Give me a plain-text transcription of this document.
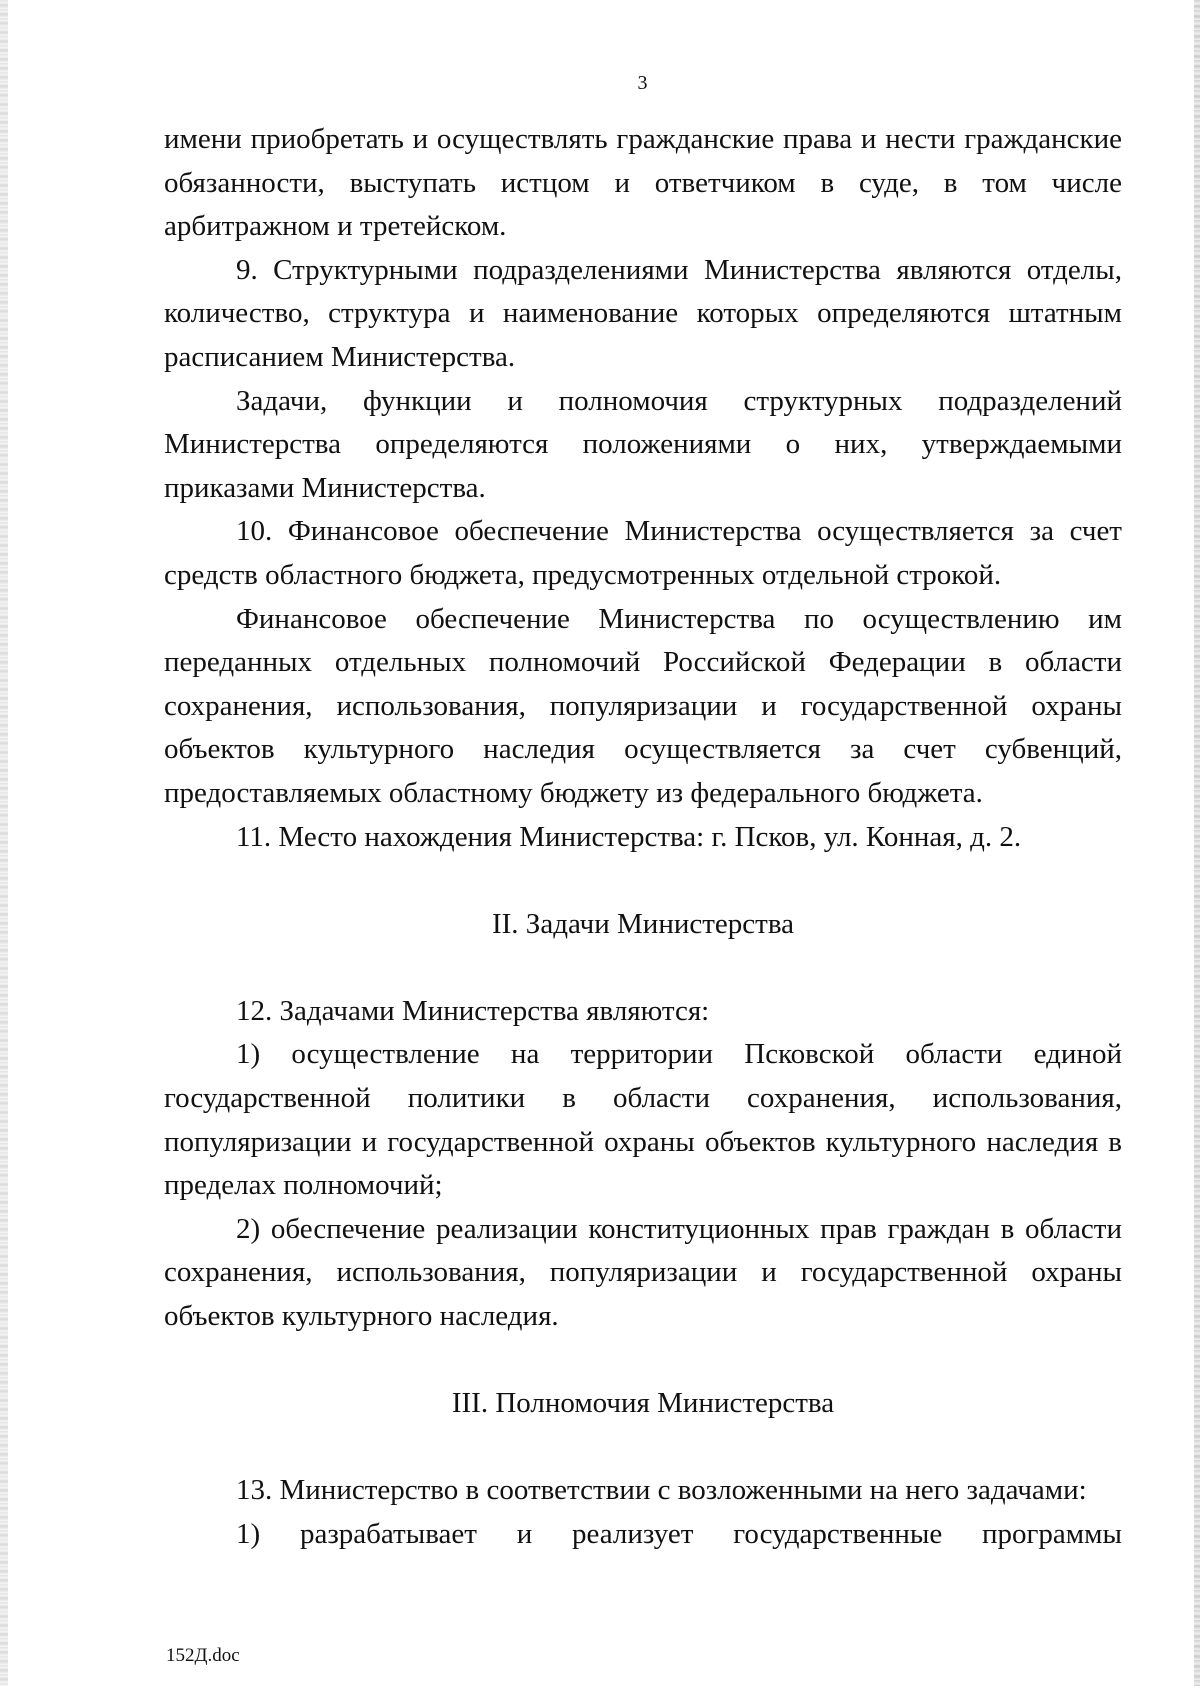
3

имени приобретать и осуществлять гражданские права и нести гражданские обязанности, выступать истцом и ответчиком в суде, в том числе арбитражном и третейском.

9. Структурными подразделениями Министерства являются отделы, количество, структура и наименование которых определяются штатным расписанием Министерства.

Задачи, функции и полномочия структурных подразделений Министерства определяются положениями о них, утверждаемыми приказами Министерства.

10. Финансовое обеспечение Министерства осуществляется за счет средств областного бюджета, предусмотренных отдельной строкой.

Финансовое обеспечение Министерства по осуществлению им переданных отдельных полномочий Российской Федерации в области сохранения, использования, популяризации и государственной охраны объектов культурного наследия осуществляется за счет субвенций, предоставляемых областному бюджету из федерального бюджета.

11. Место нахождения Министерства: г. Псков, ул. Конная, д. 2.

II. Задачи Министерства

12. Задачами Министерства являются:

1) осуществление на территории Псковской области единой государственной политики в области сохранения, использования, популяризации и государственной охраны объектов культурного наследия в пределах полномочий;

2) обеспечение реализации конституционных прав граждан в области сохранения, использования, популяризации и государственной охраны объектов культурного наследия.

III. Полномочия Министерства

13. Министерство в соответствии с возложенными на него задачами:

1) разрабатывает и реализует государственные программы

152Д.doc
